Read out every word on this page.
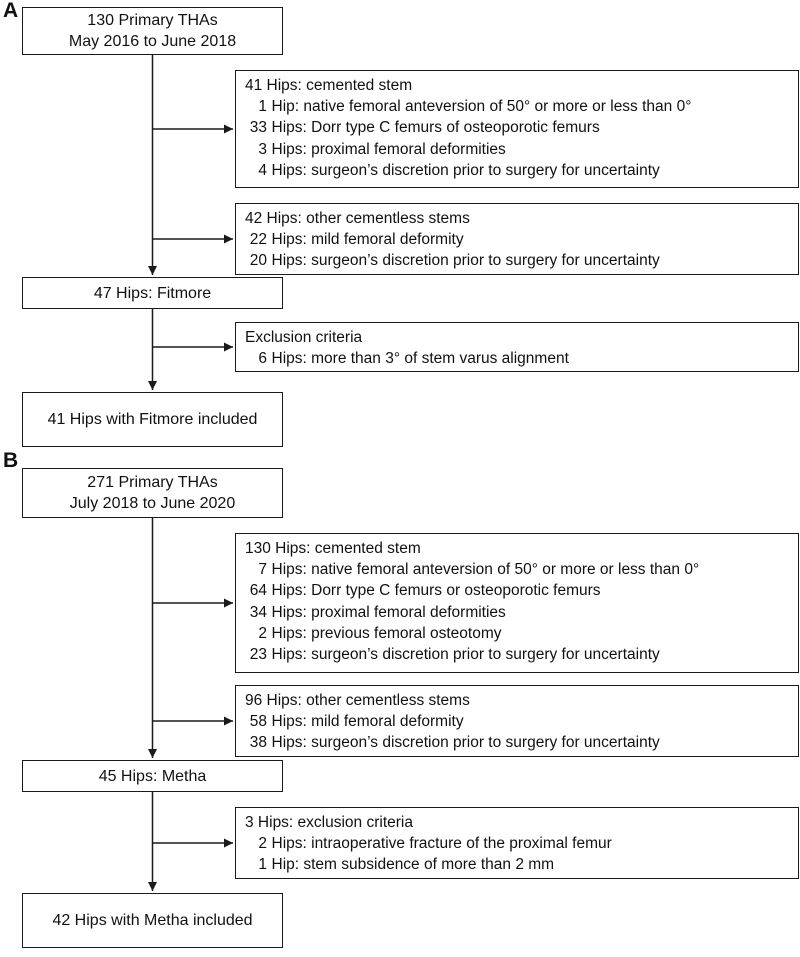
A	130 Primary THAs
May 2016 to June 2018
41 Hips: cemented stem
1 Hip: native femoral anteversion of 50° or more or less than 0°
33 Hips: Dorr type C femurs of osteoporotic femurs
3 Hips: proximal femoral deformities
4 Hips: surgeon’s discretion prior to surgery for uncertainty
42 Hips: other cementless stems
22 Hips: mild femoral deformity
20 Hips: surgeon’s discretion prior to surgery for uncertainty
47 Hips: Fitmore
Exclusion criteria
6 Hips: more than 3° of stem varus alignment
41 Hips with Fitmore included
B
271 Primary THAs
July 2018 to June 2020
130 Hips: cemented stem
7 Hips: native femoral anteversion of 50° or more or less than 0°
64 Hips: Dorr type C femurs or osteoporotic femurs
34 Hips: proximal femoral deformities
2 Hips: previous femoral osteotomy
23 Hips: surgeon’s discretion prior to surgery for uncertainty
96 Hips: other cementless stems
58 Hips: mild femoral deformity
38 Hips: surgeon’s discretion prior to surgery for uncertainty
45 Hips: Metha
3 Hips: exclusion criteria
2 Hips: intraoperative fracture of the proximal femur
1 Hip: stem subsidence of more than 2 mm
42 Hips with Metha included
